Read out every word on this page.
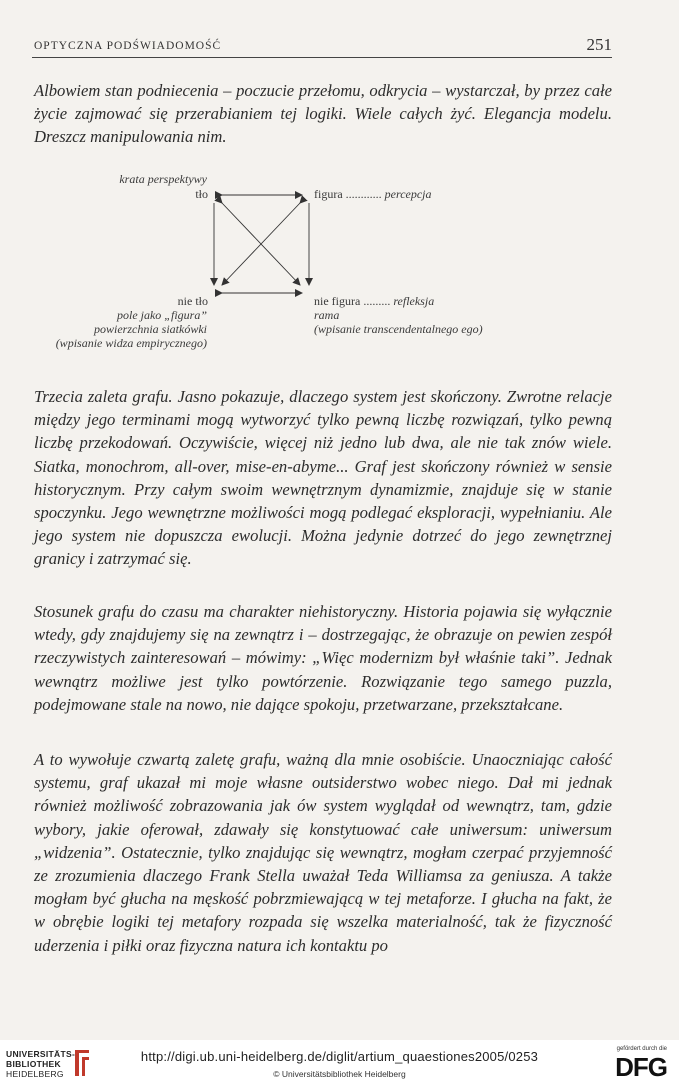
OPTYCZNA PODŚWIADOMOŚĆ	251

Albowiem stan podniecenia – poczucie przełomu, odkrycia – wystarczał, by przez całe życie zajmować się przerabianiem tej logiki. Wiele całych żyć. Elegancja modelu. Dreszcz manipulowania nim.

krata perspektywy
tło	figura ............ percepcja
nie tło
pole jako „figura”
powierzchnia siatkówki
(wpisanie widza empirycznego)
nie figura ......... refleksja
rama
(wpisanie transcendentalnego ego)

Trzecia zaleta grafu. Jasno pokazuje, dlaczego system jest skończony. Zwrotne relacje między jego terminami mogą wytworzyć tylko pewną liczbę rozwiązań, tylko pewną liczbę przekodowań. Oczywiście, więcej niż jedno lub dwa, ale nie tak znów wiele. Siatka, monochrom, all-over, mise-en-abyme... Graf jest skończony również w sensie historycznym. Przy całym swoim wewnętrznym dynamizmie, znajduje się w stanie spoczynku. Jego wewnętrzne możliwości mogą podlegać eksploracji, wypełnianiu. Ale jego system nie dopuszcza ewolucji. Można jedynie dotrzeć do jego zewnętrznej granicy i zatrzymać się.

Stosunek grafu do czasu ma charakter niehistoryczny. Historia pojawia się wyłącznie wtedy, gdy znajdujemy się na zewnątrz i – dostrzegając, że obrazuje on pewien zespół rzeczywistych zainteresowań – mówimy: „Więc modernizm był właśnie taki”. Jednak wewnątrz możliwe jest tylko powtórzenie. Rozwiązanie tego samego puzzla, podejmowane stale na nowo, nie dające spokoju, przetwarzane, przekształcane.

A to wywołuje czwartą zaletę grafu, ważną dla mnie osobiście. Unaoczniając całość systemu, graf ukazał mi moje własne outsiderstwo wobec niego. Dał mi jednak również możliwość zobrazowania jak ów system wyglądał od wewnątrz, tam, gdzie wybory, jakie oferował, zdawały się konstytuować całe uniwersum: uniwersum „widzenia”. Ostatecznie, tylko znajdując się wewnątrz, mogłam czerpać przyjemność ze zrozumienia dlaczego Frank Stella uważał Teda Williamsa za geniusza. A także mogłam być głucha na męskość pobrzmiewającą w tej metaforze. I głucha na fakt, że w obrębie logiki tej metafory rozpada się wszelka materialność, tak że fizyczność uderzenia i piłki oraz fizyczna natura ich kontaktu po

UNIVERSITÄTS-
BIBLIOTHEK
HEIDELBERG
http://digi.ub.uni-heidelberg.de/diglit/artium_quaestiones2005/0253
© Universitätsbibliothek Heidelberg
gefördert durch die
DFG
